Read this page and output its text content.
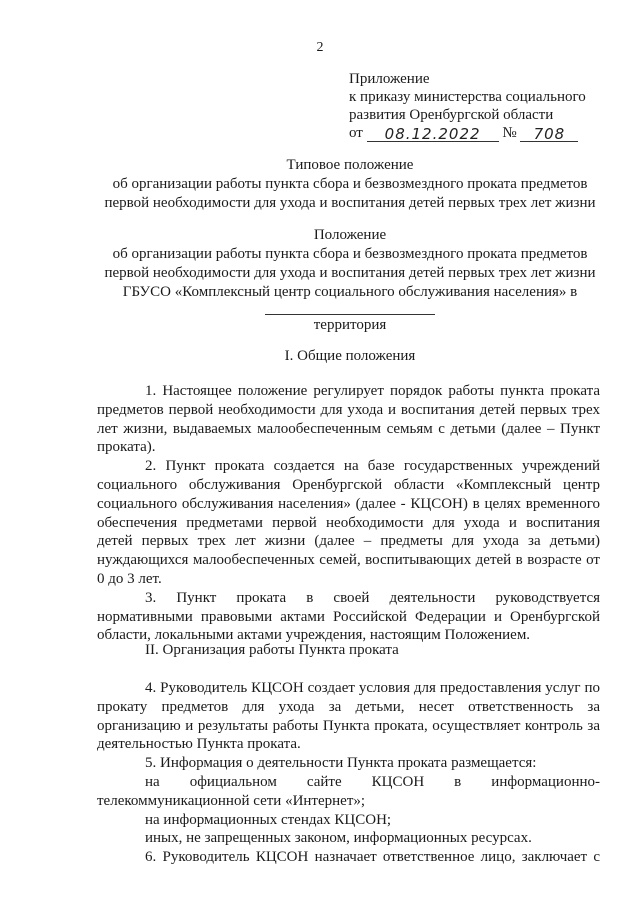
2
Приложение
к приказу министерства социального
развития Оренбургской области
от 08.12.2022 № 708
Типовое положение
об организации работы пункта сбора и безвозмездного проката предметов
первой необходимости для ухода и воспитания детей первых трех лет жизни
Положение
об организации работы пункта сбора и безвозмездного проката предметов
первой необходимости для ухода и воспитания детей первых трех лет жизни
ГБУСО «Комплексный центр социального обслуживания населения» в
территория
I. Общие положения

1. Настоящее положение регулирует порядок работы пункта проката предметов первой необходимости для ухода и воспитания детей первых трех лет жизни, выдаваемых малообеспеченным семьям с детьми (далее – Пункт проката).

2. Пункт проката создается на базе государственных учреждений социального обслуживания Оренбургской области «Комплексный центр социального обслуживания населения» (далее - КЦСОН) в целях временного обеспечения предметами первой необходимости для ухода и воспитания детей первых трех лет жизни (далее – предметы для ухода за детьми) нуждающихся малообеспеченных семей, воспитывающих детей в возрасте от 0 до 3 лет.

3. Пункт проката в своей деятельности руководствуется нормативными правовыми актами Российской Федерации и Оренбургской области, локальными актами учреждения, настоящим Положением.

II. Организация работы Пункта проката

4. Руководитель КЦСОН создает условия для предоставления услуг по прокату предметов для ухода за детьми, несет ответственность за организацию и результаты работы Пункта проката, осуществляет контроль за деятельностью Пункта проката.

5. Информация о деятельности Пункта проката размещается:

на официальном сайте КЦСОН в информационно-телекоммуникационной сети «Интернет»;

на информационных стендах КЦСОН;

иных, не запрещенных законом, информационных ресурсах.

6. Руководитель КЦСОН назначает ответственное лицо, заключает с
